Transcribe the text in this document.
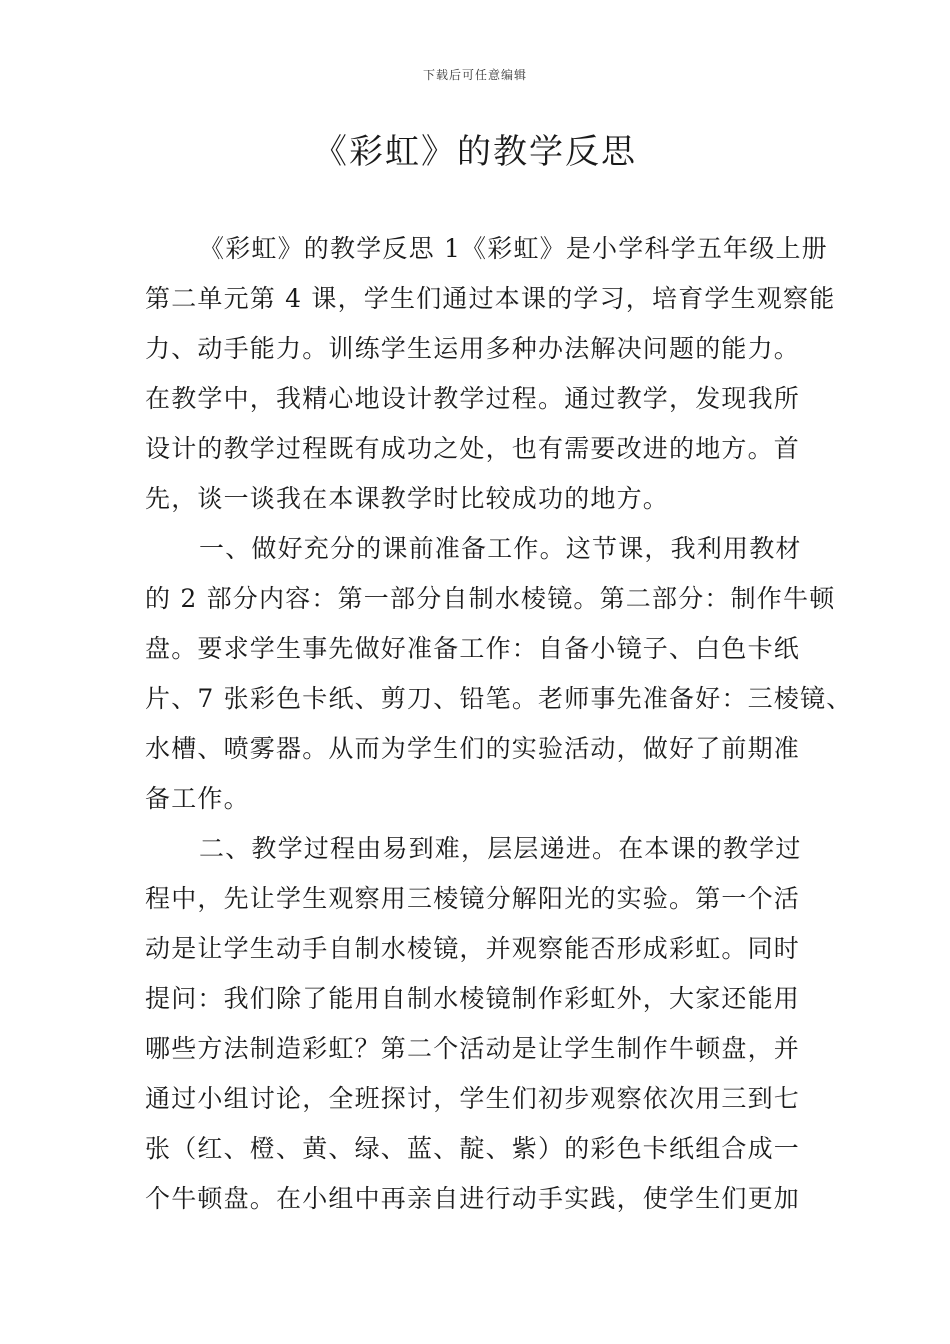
下载后可任意编辑
《彩虹》的教学反思
《彩虹》的教学反思 1《彩虹》是小学科学五年级上册
第二单元第 4 课，学生们通过本课的学习，培育学生观察能
力、动手能力。训练学生运用多种办法解决问题的能力。
在教学中，我精心地设计教学过程。通过教学，发现我所
设计的教学过程既有成功之处，也有需要改进的地方。首
先，谈一谈我在本课教学时比较成功的地方。
一、做好充分的课前准备工作。这节课，我利用教材
的 2 部分内容：第一部分自制水棱镜。第二部分：制作牛顿
盘。要求学生事先做好准备工作：自备小镜子、白色卡纸
片、7 张彩色卡纸、剪刀、铅笔。老师事先准备好：三棱镜、
水槽、喷雾器。从而为学生们的实验活动，做好了前期准
备工作。
二、教学过程由易到难，层层递进。在本课的教学过
程中，先让学生观察用三棱镜分解阳光的实验。第一个活
动是让学生动手自制水棱镜，并观察能否形成彩虹。同时
提问：我们除了能用自制水棱镜制作彩虹外，大家还能用
哪些方法制造彩虹？第二个活动是让学生制作牛顿盘，并
通过小组讨论，全班探讨，学生们初步观察依次用三到七
张（红、橙、黄、绿、蓝、靛、紫）的彩色卡纸组合成一
个牛顿盘。在小组中再亲自进行动手实践，使学生们更加
